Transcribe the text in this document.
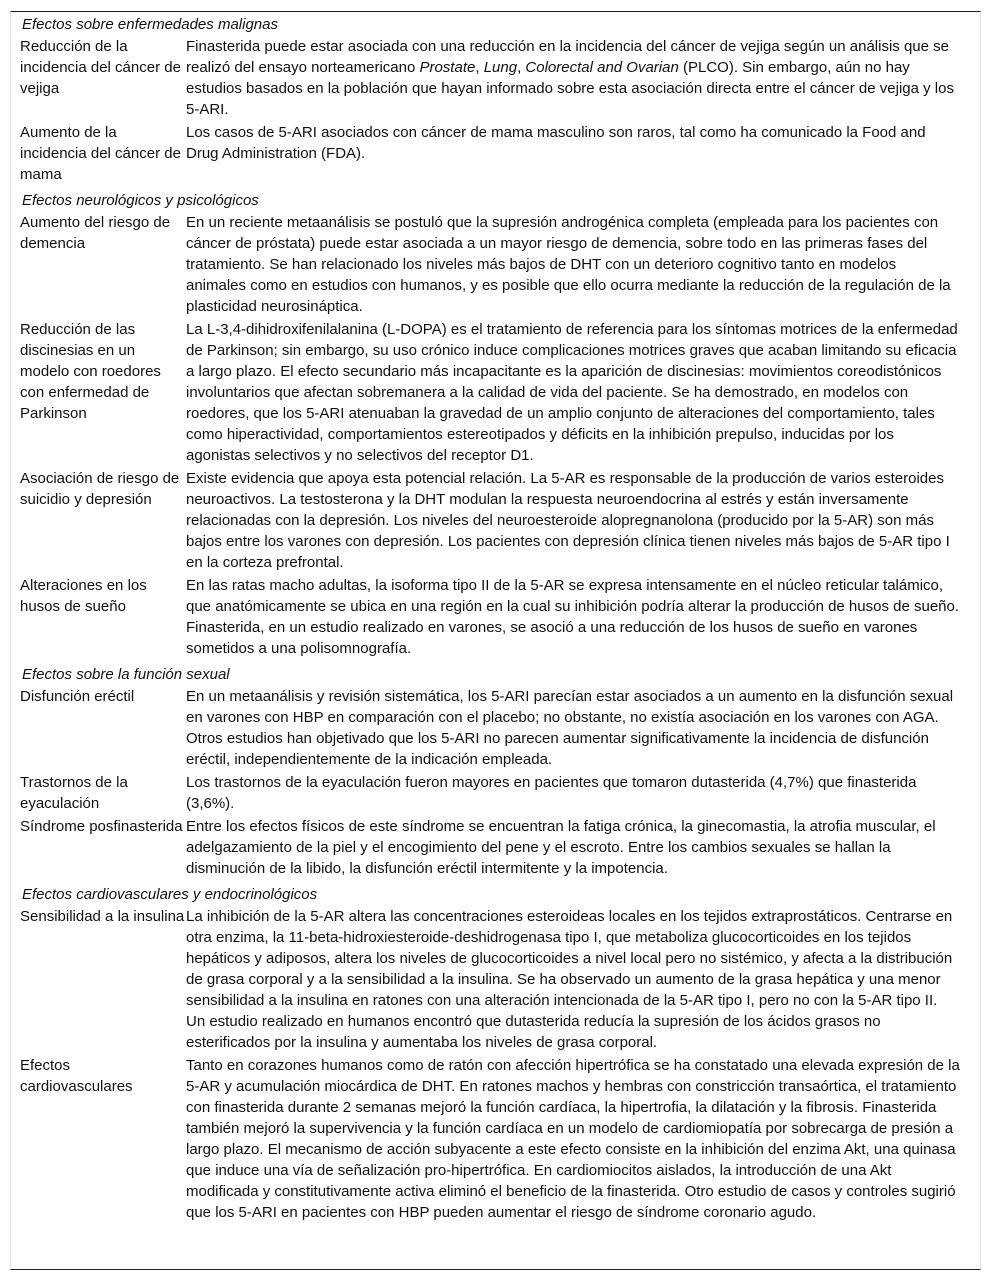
Efectos sobre enfermedades malignas	
Reducción de la incidencia del cáncer de vejiga	Finasterida puede estar asociada con una reducción en la incidencia del cáncer de vejiga según un análisis que se realizó del ensayo norteamericano Prostate, Lung, Colorectal and Ovarian (PLCO). Sin embargo, aún no hay estudios basados en la población que hayan informado sobre esta asociación directa entre el cáncer de vejiga y los 5-ARI.
Aumento de la incidencia del cáncer de mama	Los casos de 5-ARI asociados con cáncer de mama masculino son raros, tal como ha comunicado la Food and Drug Administration (FDA).
Efectos neurológicos y psicológicos	
Aumento del riesgo de demencia	En un reciente metaanálisis se postuló que la supresión androgénica completa (empleada para los pacientes con cáncer de próstata) puede estar asociada a un mayor riesgo de demencia, sobre todo en las primeras fases del tratamiento. Se han relacionado los niveles más bajos de DHT con un deterioro cognitivo tanto en modelos animales como en estudios con humanos, y es posible que ello ocurra mediante la reducción de la regulación de la plasticidad neurosináptica.
Reducción de las discinesias en un modelo con roedores con enfermedad de Parkinson	La L-3,4-dihidroxifenilalanina (L-DOPA) es el tratamiento de referencia para los síntomas motrices de la enfermedad de Parkinson; sin embargo, su uso crónico induce complicaciones motrices graves que acaban limitando su eficacia a largo plazo. El efecto secundario más incapacitante es la aparición de discinesias: movimientos coreodistónicos involuntarios que afectan sobremanera a la calidad de vida del paciente. Se ha demostrado, en modelos con roedores, que los 5-ARI atenuaban la gravedad de un amplio conjunto de alteraciones del comportamiento, tales como hiperactividad, comportamientos estereotipados y déficits en la inhibición prepulso, inducidas por los agonistas selectivos y no selectivos del receptor D1.
Asociación de riesgo de suicidio y depresión	Existe evidencia que apoya esta potencial relación. La 5-AR es responsable de la producción de varios esteroides neuroactivos. La testosterona y la DHT modulan la respuesta neuroendocrina al estrés y están inversamente relacionadas con la depresión. Los niveles del neuroesteroide alopregnanolona (producido por la 5-AR) son más bajos entre los varones con depresión. Los pacientes con depresión clínica tienen niveles más bajos de 5-AR tipo I en la corteza prefrontal.
Alteraciones en los husos de sueño	En las ratas macho adultas, la isoforma tipo II de la 5-AR se expresa intensamente en el núcleo reticular talámico, que anatómicamente se ubica en una región en la cual su inhibición podría alterar la producción de husos de sueño. Finasterida, en un estudio realizado en varones, se asoció a una reducción de los husos de sueño en varones sometidos a una polisomnografía.
Efectos sobre la función sexual	
Disfunción eréctil	En un metaanálisis y revisión sistemática, los 5-ARI parecían estar asociados a un aumento en la disfunción sexual en varones con HBP en comparación con el placebo; no obstante, no existía asociación en los varones con AGA. Otros estudios han objetivado que los 5-ARI no parecen aumentar significativamente la incidencia de disfunción eréctil, independientemente de la indicación empleada.
Trastornos de la eyaculación	Los trastornos de la eyaculación fueron mayores en pacientes que tomaron dutasterida (4,7%) que finasterida (3,6%).
Síndrome posfinasterida	Entre los efectos físicos de este síndrome se encuentran la fatiga crónica, la ginecomastia, la atrofia muscular, el adelgazamiento de la piel y el encogimiento del pene y el escroto. Entre los cambios sexuales se hallan la disminución de la libido, la disfunción eréctil intermitente y la impotencia.
Efectos cardiovasculares y endocrinológicos	
Sensibilidad a la insulina	La inhibición de la 5-AR altera las concentraciones esteroideas locales en los tejidos extraprostáticos. Centrarse en otra enzima, la 11-beta-hidroxiesteroide-deshidrogenasa tipo I, que metaboliza glucocorticoides en los tejidos hepáticos y adiposos, altera los niveles de glucocorticoides a nivel local pero no sistémico, y afecta a la distribución de grasa corporal y a la sensibilidad a la insulina. Se ha observado un aumento de la grasa hepática y una menor sensibilidad a la insulina en ratones con una alteración intencionada de la 5-AR tipo I, pero no con la 5-AR tipo II. Un estudio realizado en humanos encontró que dutasterida reducía la supresión de los ácidos grasos no esterificados por la insulina y aumentaba los niveles de grasa corporal.
Efectos cardiovasculares	Tanto en corazones humanos como de ratón con afección hipertrófica se ha constatado una elevada expresión de la 5-AR y acumulación miocárdica de DHT. En ratones machos y hembras con constricción transaórtica, el tratamiento con finasterida durante 2 semanas mejoró la función cardíaca, la hipertrofia, la dilatación y la fibrosis. Finasterida también mejoró la supervivencia y la función cardíaca en un modelo de cardiomiopatía por sobrecarga de presión a largo plazo. El mecanismo de acción subyacente a este efecto consiste en la inhibición del enzima Akt, una quinasa que induce una vía de señalización pro-hipertrófica. En cardiomiocitos aislados, la introducción de una Akt modificada y constitutivamente activa eliminó el beneficio de la finasterida. Otro estudio de casos y controles sugirió que los 5-ARI en pacientes con HBP pueden aumentar el riesgo de síndrome coronario agudo.
